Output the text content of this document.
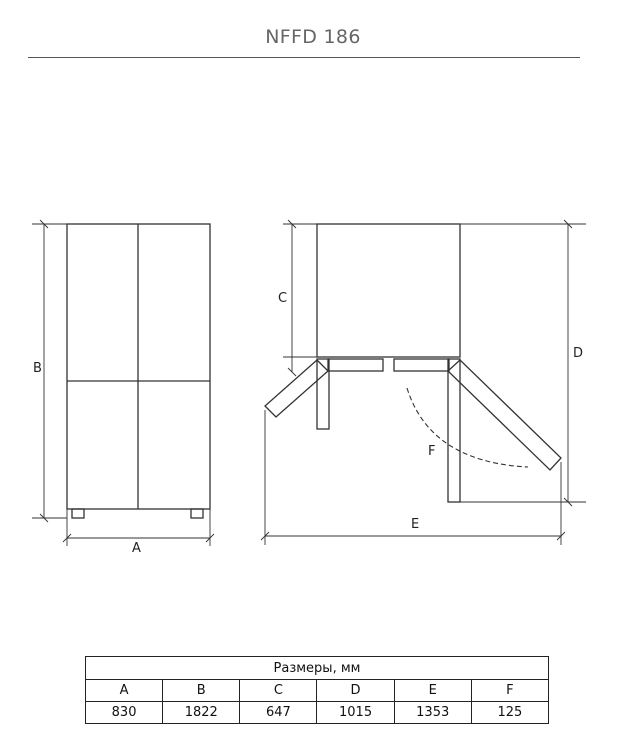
NFFD 186
B
A
F
C
D
E
Размеры, мм					
A	B	C	D	E	F
830	1822	647	1015	1353	125
